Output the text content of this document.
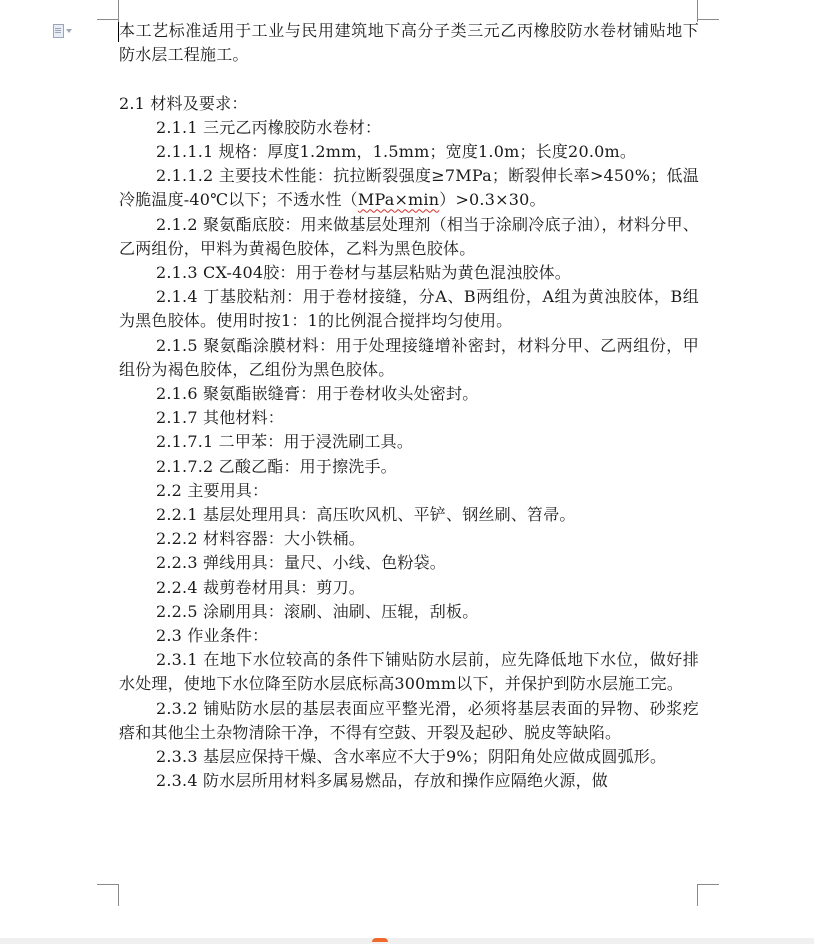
本工艺标准适用于工业与民用建筑地下高分子类三元乙丙橡胶防水卷材铺贴地下防水层工程施工。

2.1 材料及要求：

2.1.1 三元乙丙橡胶防水卷材：

2.1.1.1 规格：厚度1.2mm，1.5mm；宽度1.0m；长度20.0m。

2.1.1.2 主要技术性能：抗拉断裂强度≥7MPa；断裂伸长率>450%；低温冷脆温度-40℃以下；不透水性（MPa×min）>0.3×30。

2.1.2 聚氨酯底胶：用来做基层处理剂（相当于涂刷冷底子油），材料分甲、乙两组份，甲料为黄褐色胶体，乙料为黑色胶体。

2.1.3 CX-404胶：用于卷材与基层粘贴为黄色混浊胶体。

2.1.4 丁基胶粘剂：用于卷材接缝，分A、B两组份，A组为黄浊胶体，B组为黑色胶体。使用时按1：1的比例混合搅拌均匀使用。

2.1.5 聚氨酯涂膜材料：用于处理接缝增补密封，材料分甲、乙两组份，甲组份为褐色胶体，乙组份为黑色胶体。

2.1.6 聚氨酯嵌缝膏：用于卷材收头处密封。

2.1.7 其他材料：

2.1.7.1 二甲苯：用于浸洗刷工具。

2.1.7.2 乙酸乙酯：用于擦洗手。

2.2 主要用具：

2.2.1 基层处理用具：高压吹风机、平铲、钢丝刷、笤帚。

2.2.2 材料容器：大小铁桶。

2.2.3 弹线用具：量尺、小线、色粉袋。

2.2.4 裁剪卷材用具：剪刀。

2.2.5 涂刷用具：滚刷、油刷、压辊，刮板。

2.3 作业条件：

2.3.1 在地下水位较高的条件下铺贴防水层前，应先降低地下水位，做好排水处理，使地下水位降至防水层底标高300mm以下，并保护到防水层施工完。

2.3.2 铺贴防水层的基层表面应平整光滑，必须将基层表面的异物、砂浆疙瘩和其他尘土杂物清除干净，不得有空鼓、开裂及起砂、脱皮等缺陷。

2.3.3 基层应保持干燥、含水率应不大于9%；阴阳角处应做成圆弧形。

2.3.4 防水层所用材料多属易燃品，存放和操作应隔绝火源，做
